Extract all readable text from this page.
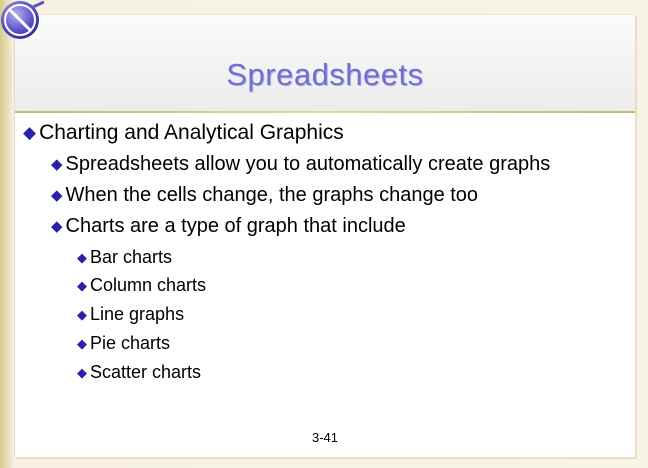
Spreadsheets
◆ Charting and Analytical Graphics
◆ Spreadsheets allow you to automatically create graphs
◆ When the cells change, the graphs change too
◆ Charts are a type of graph that include
◆ Bar charts
◆ Column charts
◆ Line graphs
◆ Pie charts
◆ Scatter charts
3-41
